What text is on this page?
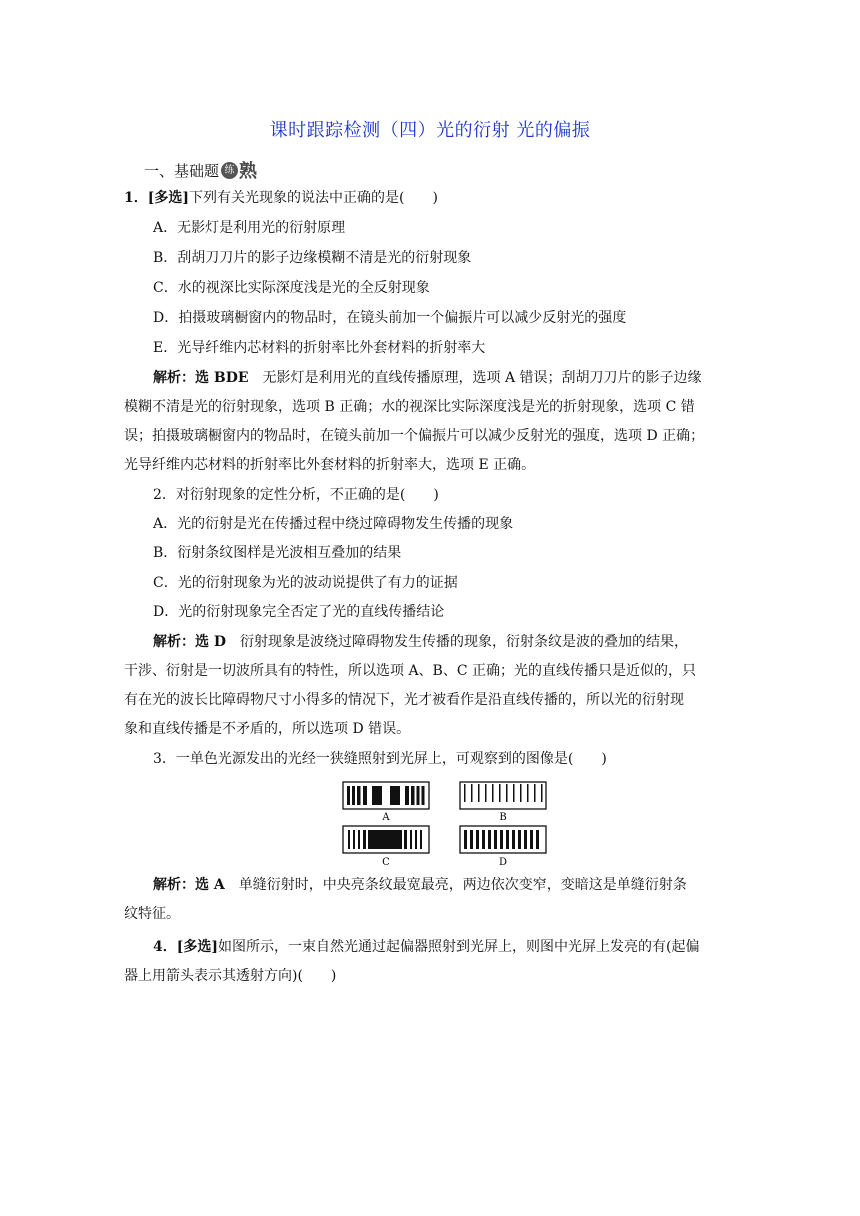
课时跟踪检测（四）光的衍射 光的偏振
一、基础题 练 熟
1．[多选]下列有关光现象的说法中正确的是(　　)
A．无影灯是利用光的衍射原理
B．刮胡刀刀片的影子边缘模糊不清是光的衍射现象
C．水的视深比实际深度浅是光的全反射现象
D．拍摄玻璃橱窗内的物品时，在镜头前加一个偏振片可以减少反射光的强度
E．光导纤维内芯材料的折射率比外套材料的折射率大
解析：选 BDE　 无影灯是利用光的直线传播原理，选项 A 错误；刮胡刀刀片的影子边缘
模糊不清是光的衍射现象，选项 B 正确；水的视深比实际深度浅是光的折射现象，选项 C 错
误；拍摄玻璃橱窗内的物品时，在镜头前加一个偏振片可以减少反射光的强度，选项 D 正确；
光导纤维内芯材料的折射率比外套材料的折射率大，选项 E 正确。
2．对衍射现象的定性分析，不正确的是(　　)
A．光的衍射是光在传播过程中绕过障碍物发生传播的现象
B．衍射条纹图样是光波相互叠加的结果
C．光的衍射现象为光的波动说提供了有力的证据
D．光的衍射现象完全否定了光的直线传播结论
解析：选 D　 衍射现象是波绕过障碍物发生传播的现象，衍射条纹是波的叠加的结果，
干涉、衍射是一切波所具有的特性，所以选项 A、B、C 正确；光的直线传播只是近似的，只
有在光的波长比障碍物尺寸小得多的情况下，光才被看作是沿直线传播的，所以光的衍射现
象和直线传播是不矛盾的，所以选项 D 错误。
3．一单色光源发出的光经一狭缝照射到光屏上，可观察到的图像是(　　)
A	B
C	D
解析：选 A　 单缝衍射时，中央亮条纹最宽最亮，两边依次变窄，变暗这是单缝衍射条
纹特征。
4．[多选]如图所示，一束自然光通过起偏器照射到光屏上，则图中光屏上发亮的有(起偏
器上用箭头表示其透射方向)(　　)
